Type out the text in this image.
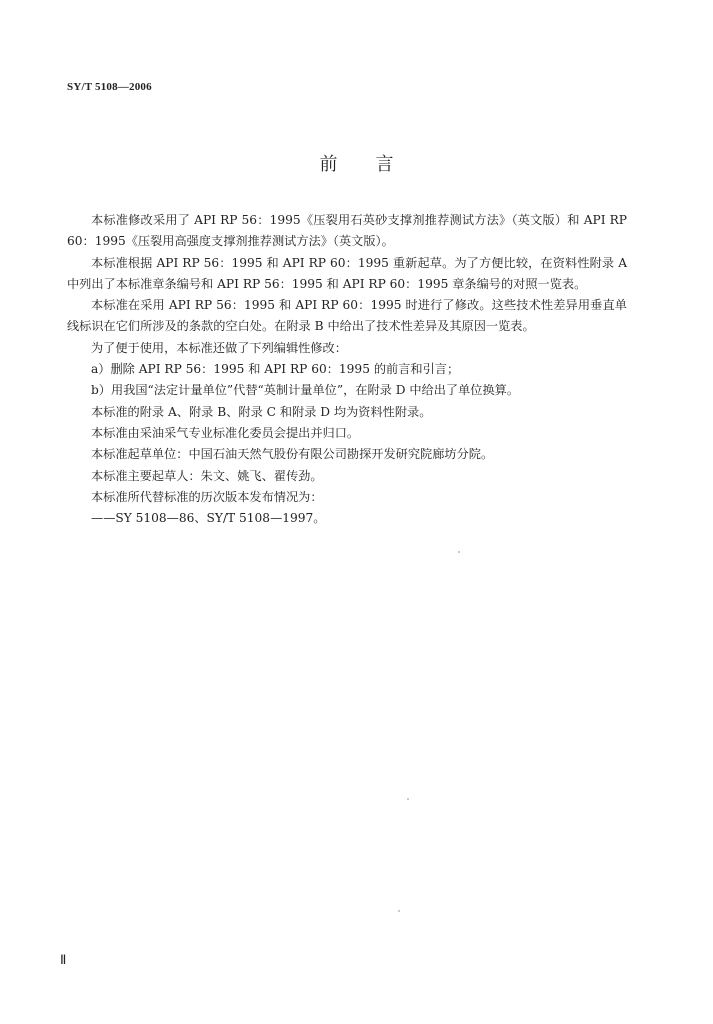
SY/T 5108—2006
前言

本标准修改采用了 API RP 56：1995《压裂用石英砂支撑剂推荐测试方法》（英文版）和 API RP 60：1995《压裂用高强度支撑剂推荐测试方法》（英文版）。

本标准根据 API RP 56：1995 和 API RP 60：1995 重新起草。为了方便比较，在资料性附录 A 中列出了本标准章条编号和 API RP 56：1995 和 API RP 60：1995 章条编号的对照一览表。

本标准在采用 API RP 56：1995 和 API RP 60：1995 时进行了修改。这些技术性差异用垂直单线标识在它们所涉及的条款的空白处。在附录 B 中给出了技术性差异及其原因一览表。

为了便于使用，本标准还做了下列编辑性修改：

a）删除 API RP 56：1995 和 API RP 60：1995 的前言和引言；

b）用我国“法定计量单位”代替“英制计量单位”，在附录 D 中给出了单位换算。

本标准的附录 A、附录 B、附录 C 和附录 D 均为资料性附录。

本标准由采油采气专业标准化委员会提出并归口。

本标准起草单位：中国石油天然气股份有限公司勘探开发研究院廊坊分院。

本标准主要起草人：朱文、姚飞、翟传劲。

本标准所代替标准的历次版本发布情况为：

——SY 5108—86、SY/T 5108—1997。

Ⅱ
